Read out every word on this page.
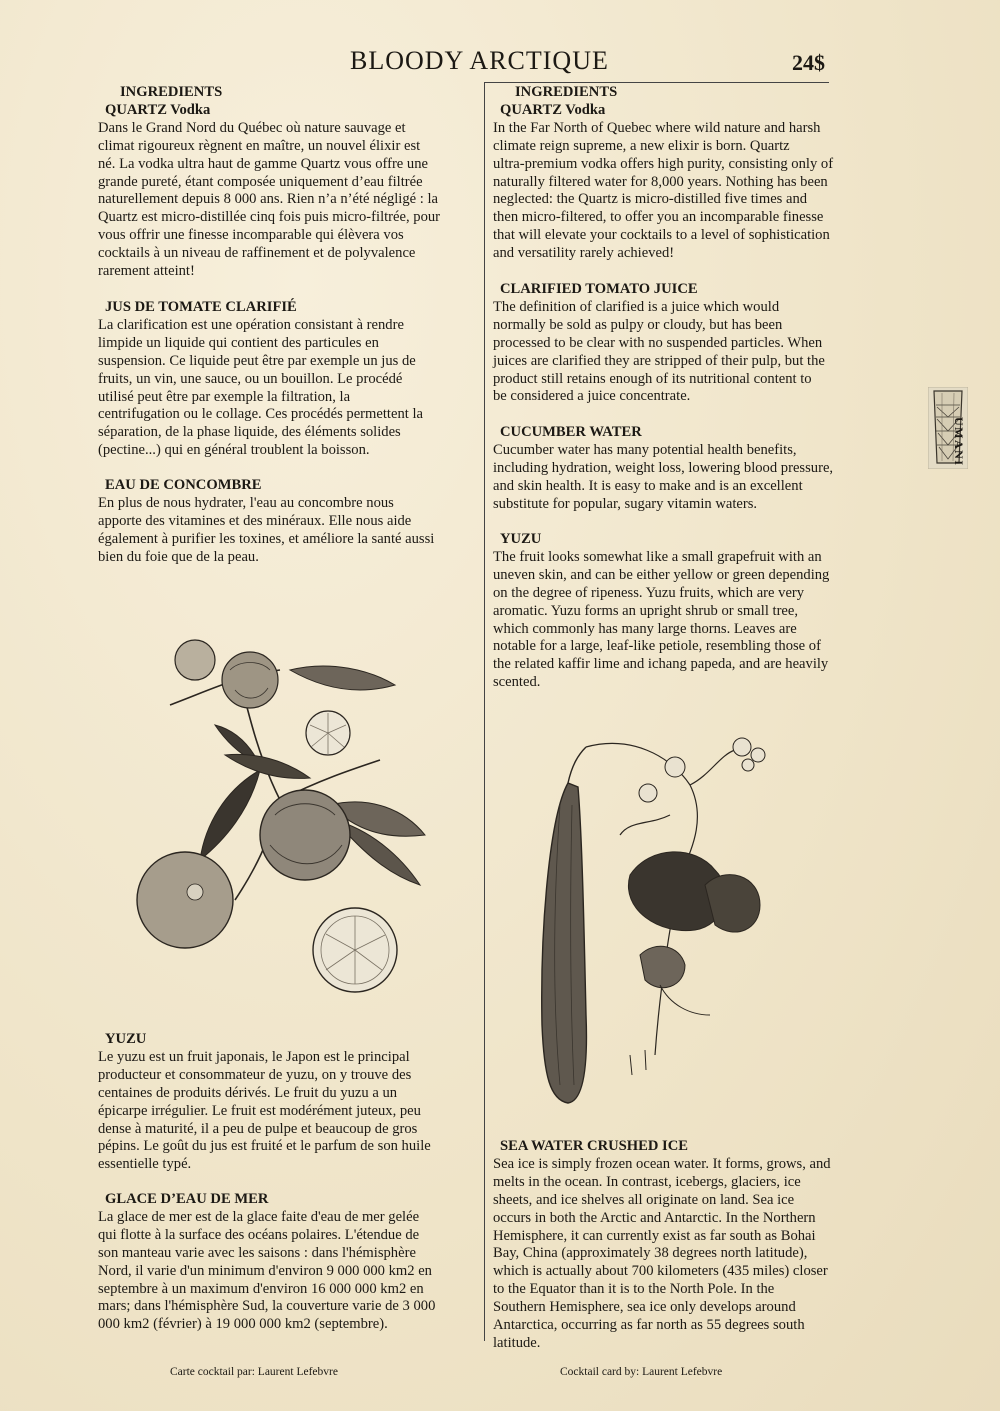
BLOODY ARCTIQUE	24$
INGREDIENTS
QUARTZ Vodka
Dans le Grand Nord du Québec où nature sauvage et
climat rigoureux règnent en maître, un nouvel élixir est
né. La vodka ultra haut de gamme Quartz vous offre une
grande pureté, étant composée uniquement d’eau filtrée
naturellement depuis 8 000 ans. Rien n’a n’été négligé : la
Quartz est micro-distillée cinq fois puis micro-filtrée, pour
vous offrir une finesse incomparable qui élèvera vos
cocktails à un niveau de raffinement et de polyvalence
rarement atteint!
JUS DE TOMATE CLARIFIÉ
La clarification est une opération consistant à rendre
limpide un liquide qui contient des particules en
suspension. Ce liquide peut être par exemple un jus de
fruits, un vin, une sauce, ou un bouillon. Le procédé
utilisé peut être par exemple la filtration, la
centrifugation ou le collage. Ces procédés permettent la
séparation, de la phase liquide, des éléments solides
(pectine...) qui en général troublent la boisson.
EAU DE CONCOMBRE
En plus de nous hydrater, l'eau au concombre nous
apporte des vitamines et des minéraux. Elle nous aide
également à purifier les toxines, et améliore la santé aussi
bien du foie que de la peau.
YUZU
Le yuzu est un fruit japonais, le Japon est le principal
producteur et consommateur de yuzu, on y trouve des
centaines de produits dérivés. Le fruit du yuzu a un
épicarpe irrégulier. Le fruit est modérément juteux, peu
dense à maturité, il a peu de pulpe et beaucoup de gros
pépins. Le goût du jus est fruité et le parfum de son huile
essentielle typé.
GLACE D’EAU DE MER
La glace de mer est de la glace faite d'eau de mer gelée
qui flotte à la surface des océans polaires. L'étendue de
son manteau varie avec les saisons : dans l'hémisphère
Nord, il varie d'un minimum d'environ 9 000 000 km2 en
septembre à un maximum d'environ 16 000 000 km2 en
mars; dans l'hémisphère Sud, la couverture varie de 3 000
000 km2 (février) à 19 000 000 km2 (septembre).
INGREDIENTS
QUARTZ Vodka
In the Far North of Quebec where wild nature and harsh
climate reign supreme, a new elixir is born. Quartz
ultra-premium vodka offers high purity, consisting only of
naturally filtered water for 8,000 years. Nothing has been
neglected: the Quartz is micro-distilled five times and
then micro-filtered, to offer you an incomparable finesse
that will elevate your cocktails to a level of sophistication
and versatility rarely achieved!
CLARIFIED TOMATO JUICE
The definition of clarified is a juice which would
normally be sold as pulpy or cloudy, but has been
processed to be clear with no suspended particles. When
juices are clarified they are stripped of their pulp, but the
product still retains enough of its nutritional content to
be considered a juice concentrate.
CUCUMBER WATER
Cucumber water has many potential health benefits,
including hydration, weight loss, lowering blood pressure,
and skin health. It is easy to make and is an excellent
substitute for popular, sugary vitamin waters.
YUZU
The fruit looks somewhat like a small grapefruit with an
uneven skin, and can be either yellow or green depending
on the degree of ripeness. Yuzu fruits, which are very
aromatic. Yuzu forms an upright shrub or small tree,
which commonly has many large thorns. Leaves are
notable for a large, leaf-like petiole, resembling those of
the related kaffir lime and ichang papeda, and are heavily
scented.
SEA WATER CRUSHED ICE
Sea ice is simply frozen ocean water. It forms, grows, and
melts in the ocean. In contrast, icebergs, glaciers, ice
sheets, and ice shelves all originate on land. Sea ice
occurs in both the Arctic and Antarctic. In the Northern
Hemisphere, it can currently exist as far south as Bohai
Bay, China (approximately 38 degrees north latitude),
which is actually about 700 kilometers (435 miles) closer
to the Equator than it is to the North Pole. In the
Southern Hemisphere, sea ice only develops around
Antarctica, occurring as far north as 55 degrees south
latitude.
Carte cocktail par: Laurent Lefebvre	Cocktail card by: Laurent Lefebvre
UMANI
